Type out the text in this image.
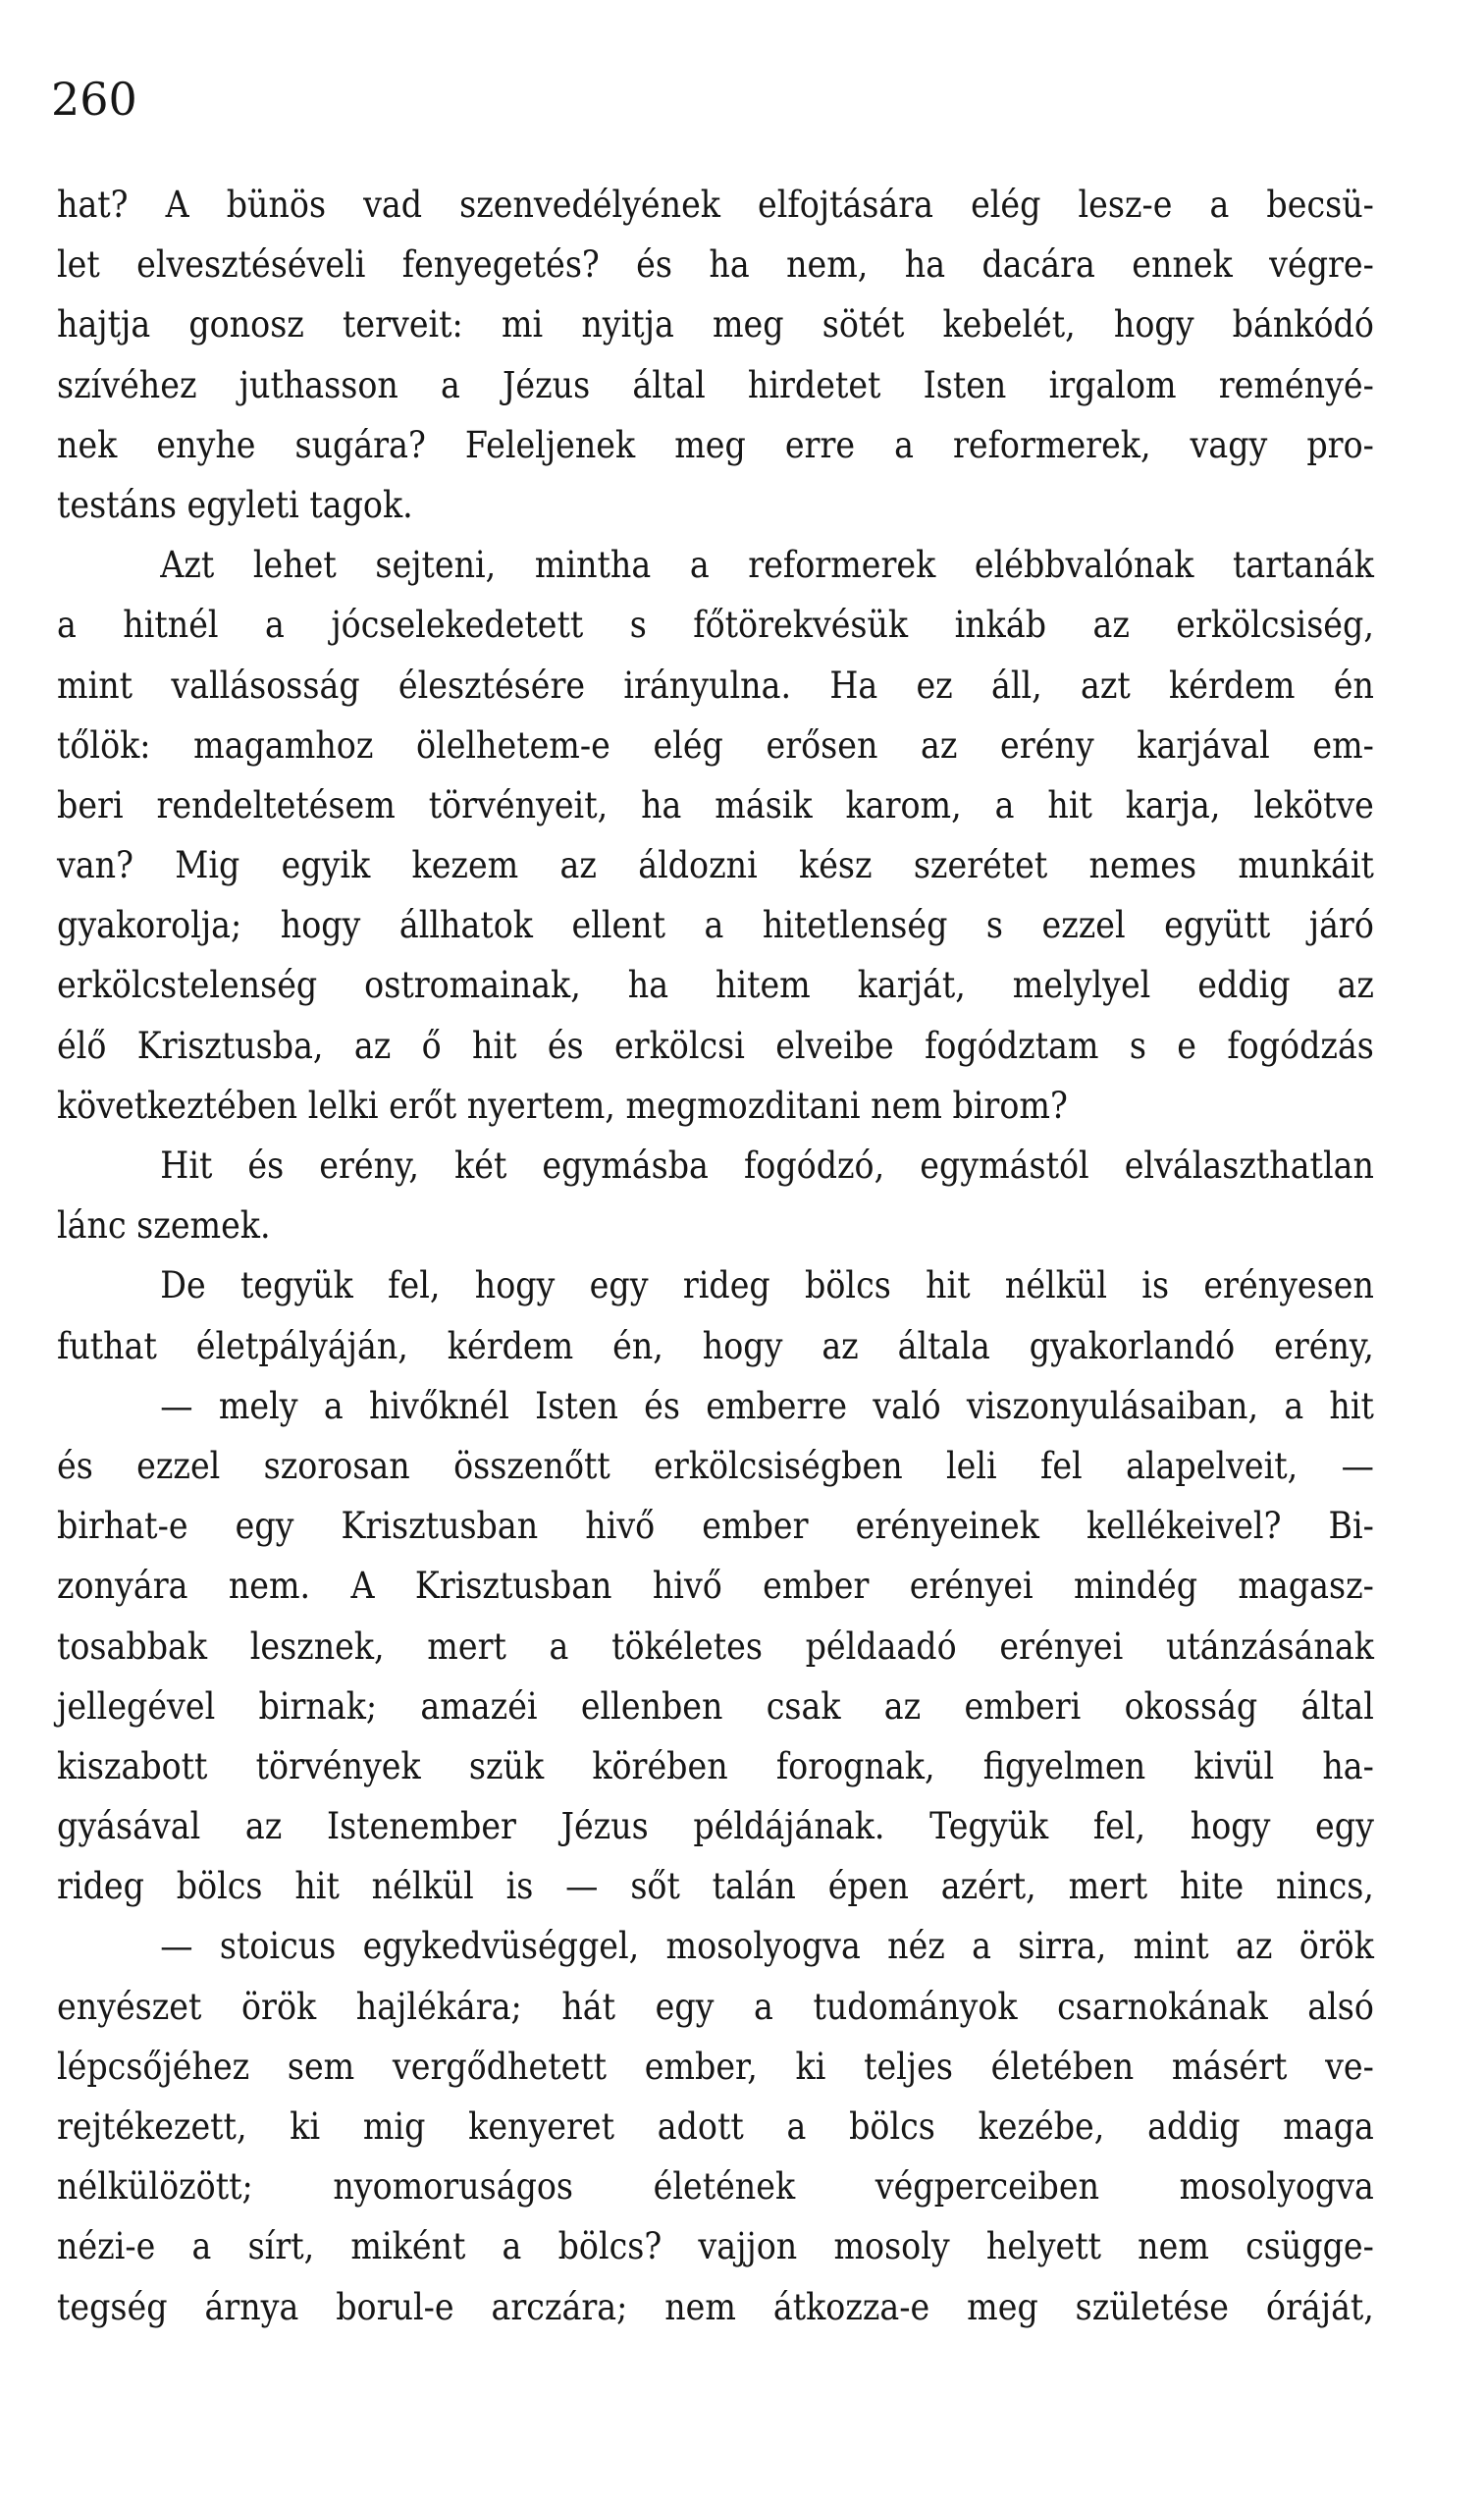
260
hat? A bünös vad szenvedélyének elfojtására elég lesz-e a becsü-
let elvesztéséveli fenyegetés? és ha nem, ha dacára ennek végre-
hajtja gonosz terveit: mi nyitja meg sötét kebelét, hogy bánkódó
szívéhez juthasson a Jézus által hirdetet Isten irgalom reményé-
nek enyhe sugára? Feleljenek meg erre a reformerek, vagy pro-
testáns egyleti tagok.
Azt lehet sejteni, mintha a reformerek elébbvalónak tartanák
a hitnél a jócselekedetett s főtörekvésük inkáb az erkölcsiség,
mint vallásosság élesztésére irányulna. Ha ez áll, azt kérdem én
tőlök: magamhoz ölelhetem-e elég erősen az erény karjával em-
beri rendeltetésem törvényeit, ha másik karom, a hit karja, lekötve
van? Mig egyik kezem az áldozni kész szerétet nemes munkáit
gyakorolja; hogy állhatok ellent a hitetlenség s ezzel együtt járó
erkölcstelenség ostromainak, ha hitem karját, melylyel eddig az
élő Krisztusba, az ő hit és erkölcsi elveibe fogództam s e fogódzás
következtében lelki erőt nyertem, megmozditani nem birom?
Hit és erény, két egymásba fogódzó, egymástól elválaszthatlan
lánc szemek.
De tegyük fel, hogy egy rideg bölcs hit nélkül is erényesen
futhat életpályáján, kérdem én, hogy az általa gyakorlandó erény,
— mely a hivőknél Isten és emberre való viszonyulásaiban, a hit
és ezzel szorosan összenőtt erkölcsiségben leli fel alapelveit, —
birhat-e egy Krisztusban hivő ember erényeinek kellékeivel? Bi-
zonyára nem. A Krisztusban hivő ember erényei mindég magasz-
tosabbak lesznek, mert a tökéletes példaadó erényei utánzásának
jellegével birnak; amazéi ellenben csak az emberi okosság által
kiszabott törvények szük körében forognak, figyelmen kivül ha-
gyásával az Istenember Jézus példájának. Tegyük fel, hogy egy
rideg bölcs hit nélkül is — sőt talán épen azért, mert hite nincs,
— stoicus egykedvüséggel, mosolyogva néz a sirra, mint az örök
enyészet örök hajlékára; hát egy a tudományok csarnokának alsó
lépcsőjéhez sem vergődhetett ember, ki teljes életében másért ve-
rejtékezett, ki mig kenyeret adott a bölcs kezébe, addig maga
nélkülözött; nyomoruságos életének végperceiben mosolyogva
nézi-e a sírt, miként a bölcs? vajjon mosoly helyett nem csügge-
tegség árnya borul-e arczára; nem átkozza-e meg születése óráját,
